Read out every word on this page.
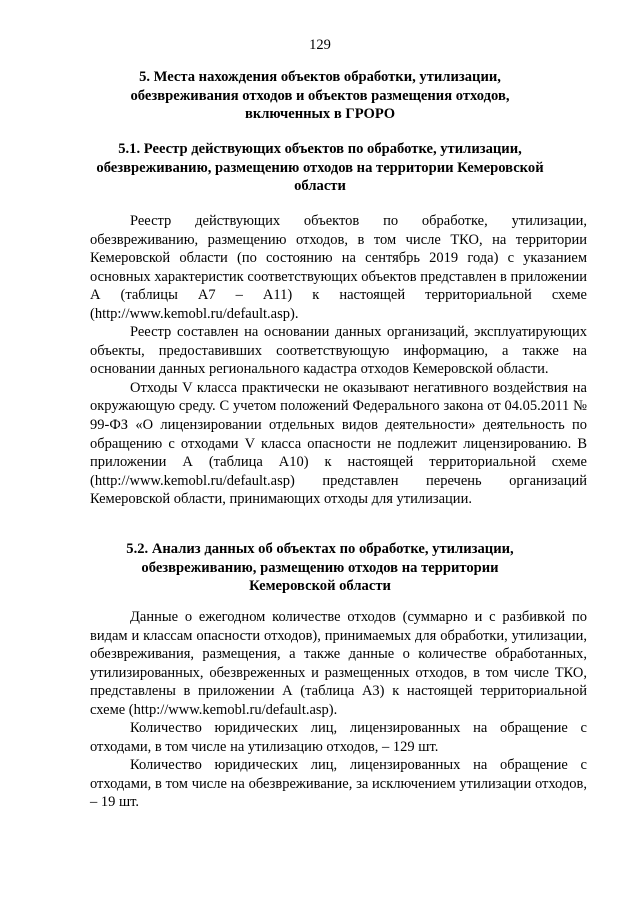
129
5. Места нахождения объектов обработки, утилизации,
обезвреживания отходов и объектов размещения отходов,
включенных в ГРОРО
5.1. Реестр действующих объектов по обработке, утилизации,
обезвреживанию, размещению отходов на территории Кемеровской
области

Реестр действующих объектов по обработке, утилизации, обезвреживанию, размещению отходов, в том числе ТКО, на территории Кемеровской области (по состоянию на сентябрь 2019 года) с указанием основных характеристик соответствующих объектов представлен в приложении А (таблицы А7 – А11) к настоящей территориальной схеме (http://www.kemobl.ru/default.asp).

Реестр составлен на основании данных организаций, эксплуатирующих объекты, предоставивших соответствующую информацию, а также на основании данных регионального кадастра отходов Кемеровской области.

Отходы V класса практически не оказывают негативного воздействия на окружающую среду. С учетом положений Федерального закона от 04.05.2011 № 99-ФЗ «О лицензировании отдельных видов деятельности» деятельность по обращению с отходами V класса опасности не подлежит лицензированию. В приложении А (таблица А10) к настоящей территориальной схеме (http://www.kemobl.ru/default.asp) представлен перечень организаций Кемеровской области, принимающих отходы для утилизации.

5.2. Анализ данных об объектах по обработке, утилизации,
обезвреживанию, размещению отходов на территории
Кемеровской области

Данные о ежегодном количестве отходов (суммарно и с разбивкой по видам и классам опасности отходов), принимаемых для обработки, утилизации, обезвреживания, размещения, а также данные о количестве обработанных, утилизированных, обезвреженных и размещенных отходов, в том числе ТКО, представлены в приложении А (таблица А3) к настоящей территориальной схеме (http://www.kemobl.ru/default.asp).

Количество юридических лиц, лицензированных на обращение с отходами, в том числе на утилизацию отходов, – 129 шт.

Количество юридических лиц, лицензированных на обращение с отходами, в том числе на обезвреживание, за исключением утилизации отходов, – 19 шт.
